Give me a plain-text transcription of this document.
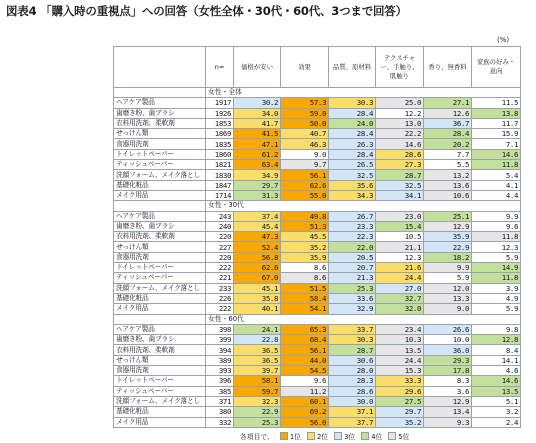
図表4 「購入時の重視点」への回答（女性全体・30代・60代、3つまで回答）
(%)
	n=	価格が安い	効果	品質、原材料	テクスチャー、手触り、肌触り	香り、無香料	家族の好み・意向
	女性・全体						
ヘアケア製品	1917	30.2	57.3	30.3	25.0	27.1	11.5
歯磨き粉、歯ブラシ	1926	34.0	59.0	28.4	12.2	12.6	13.8
衣料用洗剤、柔軟剤	1853	41.7	50.0	24.0	13.0	36.7	11.7
せっけん類	1869	41.5	40.7	28.4	22.2	28.4	15.9
食器用洗剤	1835	47.1	46.3	26.3	14.6	20.2	7.1
トイレットペーパー	1860	61.2	9.0	28.4	28.6	7.7	14.6
ティッシュペーパー	1821	63.4	9.7	26.5	27.3	5.5	11.8
洗顔フォーム、メイク落とし	1830	34.9	56.1	32.5	28.7	13.2	5.4
基礎化粧品	1847	29.7	62.6	35.6	32.5	13.6	4.1
メイク用品	1714	31.3	55.0	34.3	34.1	10.6	4.4
	女性・30代						
ヘアケア製品	243	37.4	49.8	26.7	23.0	25.1	9.9
歯磨き粉、歯ブラシ	240	45.4	51.3	23.3	15.4	12.9	9.6
衣料用洗剤、柔軟剤	220	47.3	45.5	22.3	10.5	35.9	11.8
せっけん類	227	52.4	35.2	22.0	21.1	22.9	12.3
食器用洗剤	220	56.8	35.9	20.5	12.3	18.2	5.9
トイレットペーパー	222	62.6	8.6	20.7	21.6	9.9	14.9
ティッシュペーパー	221	67.0	8.6	21.3	24.4	5.9	11.8
洗顔フォーム、メイク落とし	233	45.1	51.5	25.3	27.0	12.0	3.9
基礎化粧品	226	35.8	58.4	33.6	32.7	13.3	4.9
メイク用品	222	40.1	54.1	32.9	32.0	9.0	5.9
	女性・60代						
ヘアケア製品	398	24.1	65.3	33.7	23.4	26.6	9.8
歯磨き粉、歯ブラシ	399	22.8	68.4	30.3	10.3	10.0	12.8
衣料用洗剤、柔軟剤	394	36.5	56.1	28.7	13.5	36.0	8.4
せっけん類	389	36.5	44.0	30.6	24.4	29.3	14.1
食器用洗剤	393	39.7	54.5	28.0	15.3	17.8	4.6
トイレットペーパー	396	58.1	9.6	28.3	33.3	8.3	14.6
ティッシュペーパー	385	59.7	11.2	28.6	29.6	3.6	13.5
洗顔フォーム、メイク落とし	371	32.3	60.1	30.0	27.5	12.9	5.1
基礎化粧品	380	22.9	69.2	37.1	29.7	13.4	3.2
メイク用品	332	25.3	56.0	37.7	35.2	9.3	2.4
各項目で、 1位 2位 3位 4位 5位
